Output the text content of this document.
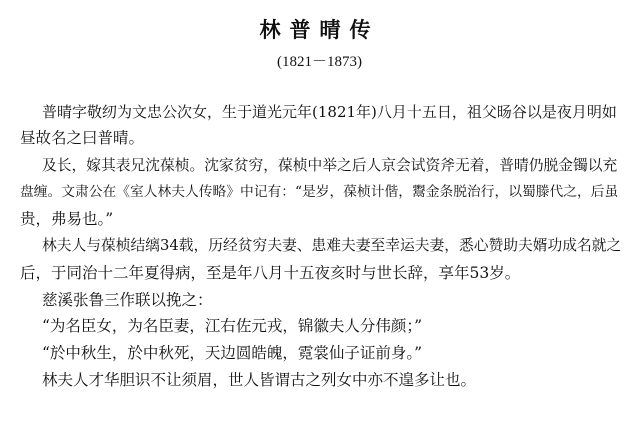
林普晴传
(1821－1873)
普晴字敬纫为文忠公次女，生于道光元年(1821年)八月十五日，祖父旸谷以是夜月明如
昼故名之曰普晴。
及长，嫁其表兄沈葆桢。沈家贫穷，葆桢中举之后人京会试资斧无着，普晴仍脱金镯以充
盘缠。文肃公在《室人林夫人传略》中记有：“是岁，葆桢计偕，鬻金条脱治行，以蜀滕代之，后虽
贵，弗易也。”
林夫人与葆桢结缡34载，历经贫穷夫妻、患难夫妻至幸运夫妻，悉心赞助夫婿功成名就之
后，于同治十二年夏得病，至是年八月十五夜亥时与世长辞，享年53岁。
慈溪张鲁三作联以挽之：
“为名臣女，为名臣妻，江右佐元戎，锦徽夫人分伟颜；”
“於中秋生，於中秋死，天边圆皓魄，霓裳仙子证前身。”
林夫人才华胆识不让须眉，世人皆谓古之列女中亦不遑多让也。
